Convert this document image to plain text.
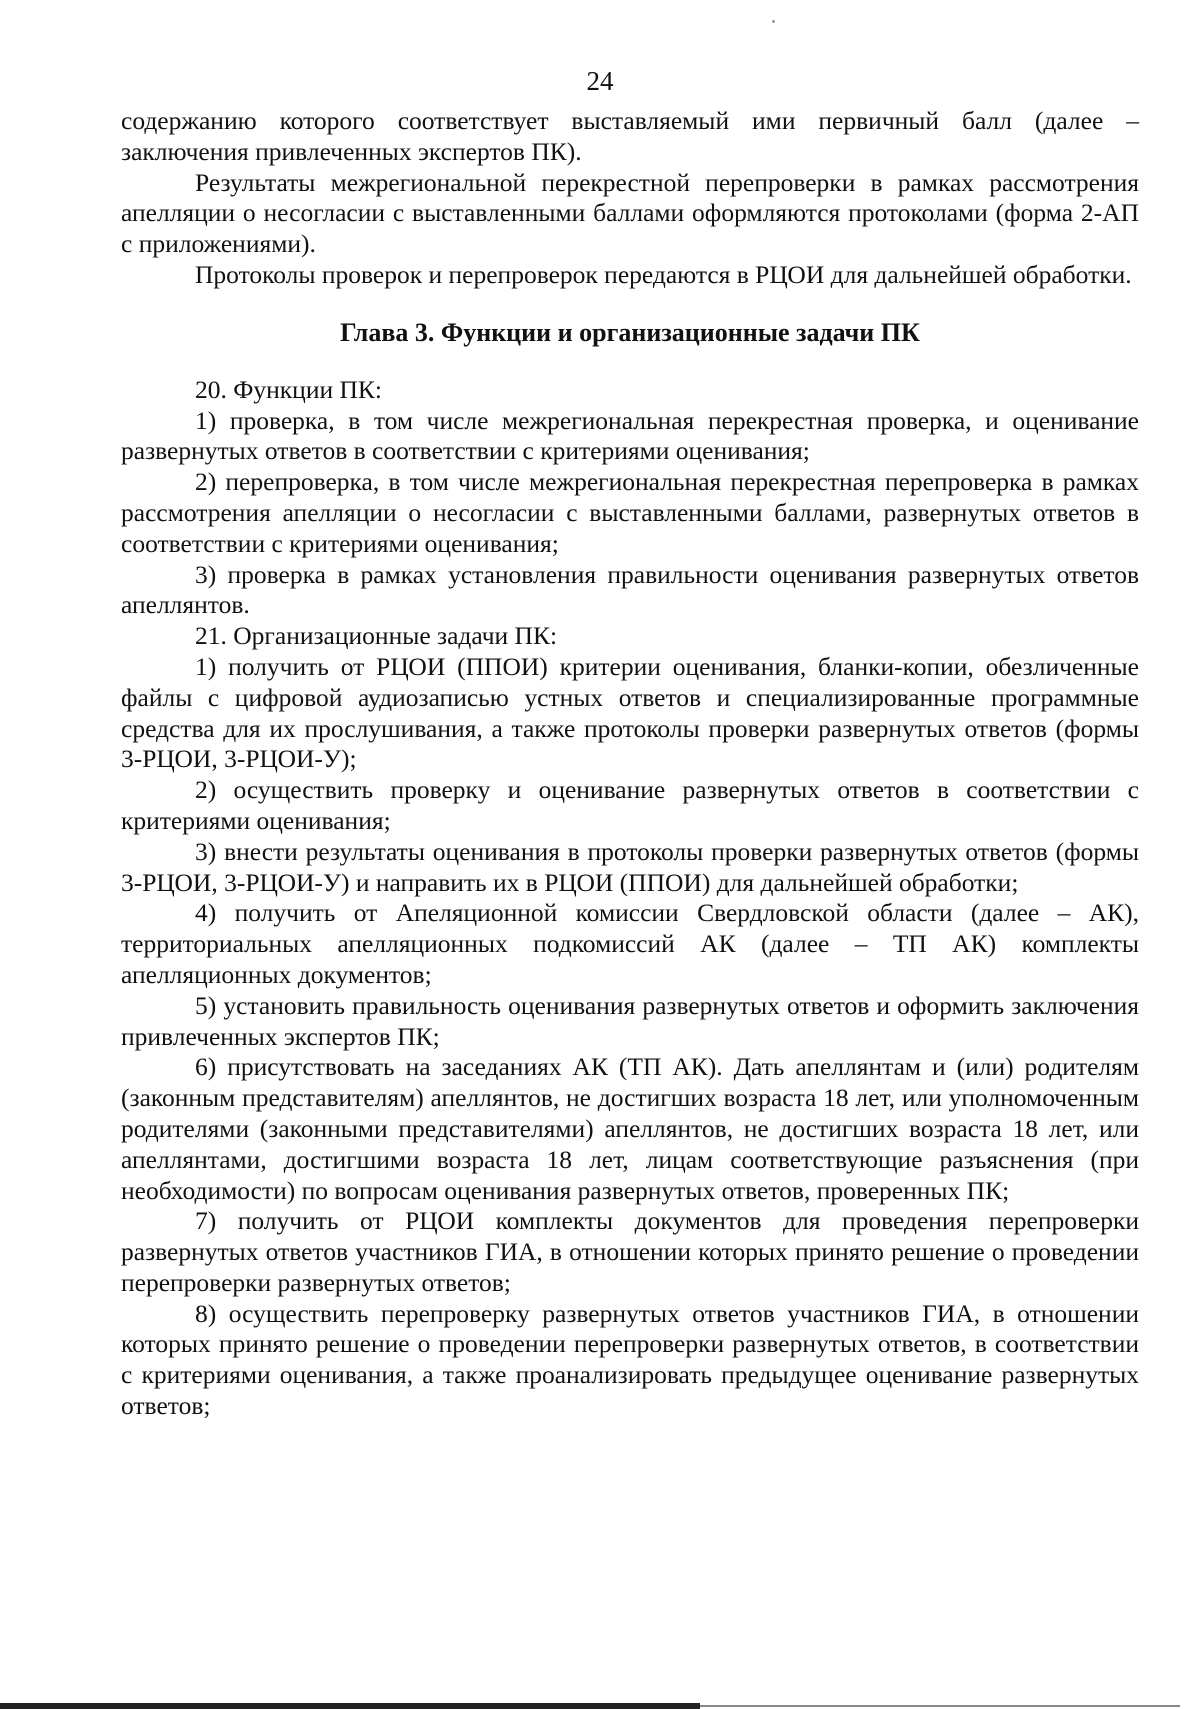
24

содержанию которого соответствует выставляемый ими первичный балл (далее – заключения привлеченных экспертов ПК).

Результаты межрегиональной перекрестной перепроверки в рамках рассмотрения апелляции о несогласии с выставленными баллами оформляются протоколами (форма 2-АП с приложениями).

Протоколы проверок и перепроверок передаются в РЦОИ для дальнейшей обработки.

Глава 3. Функции и организационные задачи ПК

20. Функции ПК:

1) проверка, в том числе межрегиональная перекрестная проверка, и оценивание развернутых ответов в соответствии с критериями оценивания;

2) перепроверка, в том числе межрегиональная перекрестная перепроверка в рамках рассмотрения апелляции о несогласии с выставленными баллами, развернутых ответов в соответствии с критериями оценивания;

3) проверка в рамках установления правильности оценивания развернутых ответов апеллянтов.

21. Организационные задачи ПК:

1) получить от РЦОИ (ППОИ) критерии оценивания, бланки-копии, обезличенные файлы с цифровой аудиозаписью устных ответов и специализированные программные средства для их прослушивания, а также протоколы проверки развернутых ответов (формы 3-РЦОИ, 3-РЦОИ-У);

2) осуществить проверку и оценивание развернутых ответов в соответствии с критериями оценивания;

3) внести результаты оценивания в протоколы проверки развернутых ответов (формы 3-РЦОИ, 3-РЦОИ-У) и направить их в РЦОИ (ППОИ) для дальнейшей обработки;

4) получить от Апеляционной комиссии Свердловской области (далее – АК), территориальных апелляционных подкомиссий АК (далее – ТП АК) комплекты апелляционных документов;

5) установить правильность оценивания развернутых ответов и оформить заключения привлеченных экспертов ПК;

6) присутствовать на заседаниях АК (ТП АК). Дать апеллянтам и (или) родителям (законным представителям) апеллянтов, не достигших возраста 18 лет, или уполномоченным родителями (законными представителями) апеллянтов, не достигших возраста 18 лет, или апеллянтами, достигшими возраста 18 лет, лицам соответствующие разъяснения (при необходимости) по вопросам оценивания развернутых ответов, проверенных ПК;

7) получить от РЦОИ комплекты документов для проведения перепроверки развернутых ответов участников ГИА, в отношении которых принято решение о проведении перепроверки развернутых ответов;

8) осуществить перепроверку развернутых ответов участников ГИА, в отношении которых принято решение о проведении перепроверки развернутых ответов, в соответствии с критериями оценивания, а также проанализировать предыдущее оценивание развернутых ответов;
